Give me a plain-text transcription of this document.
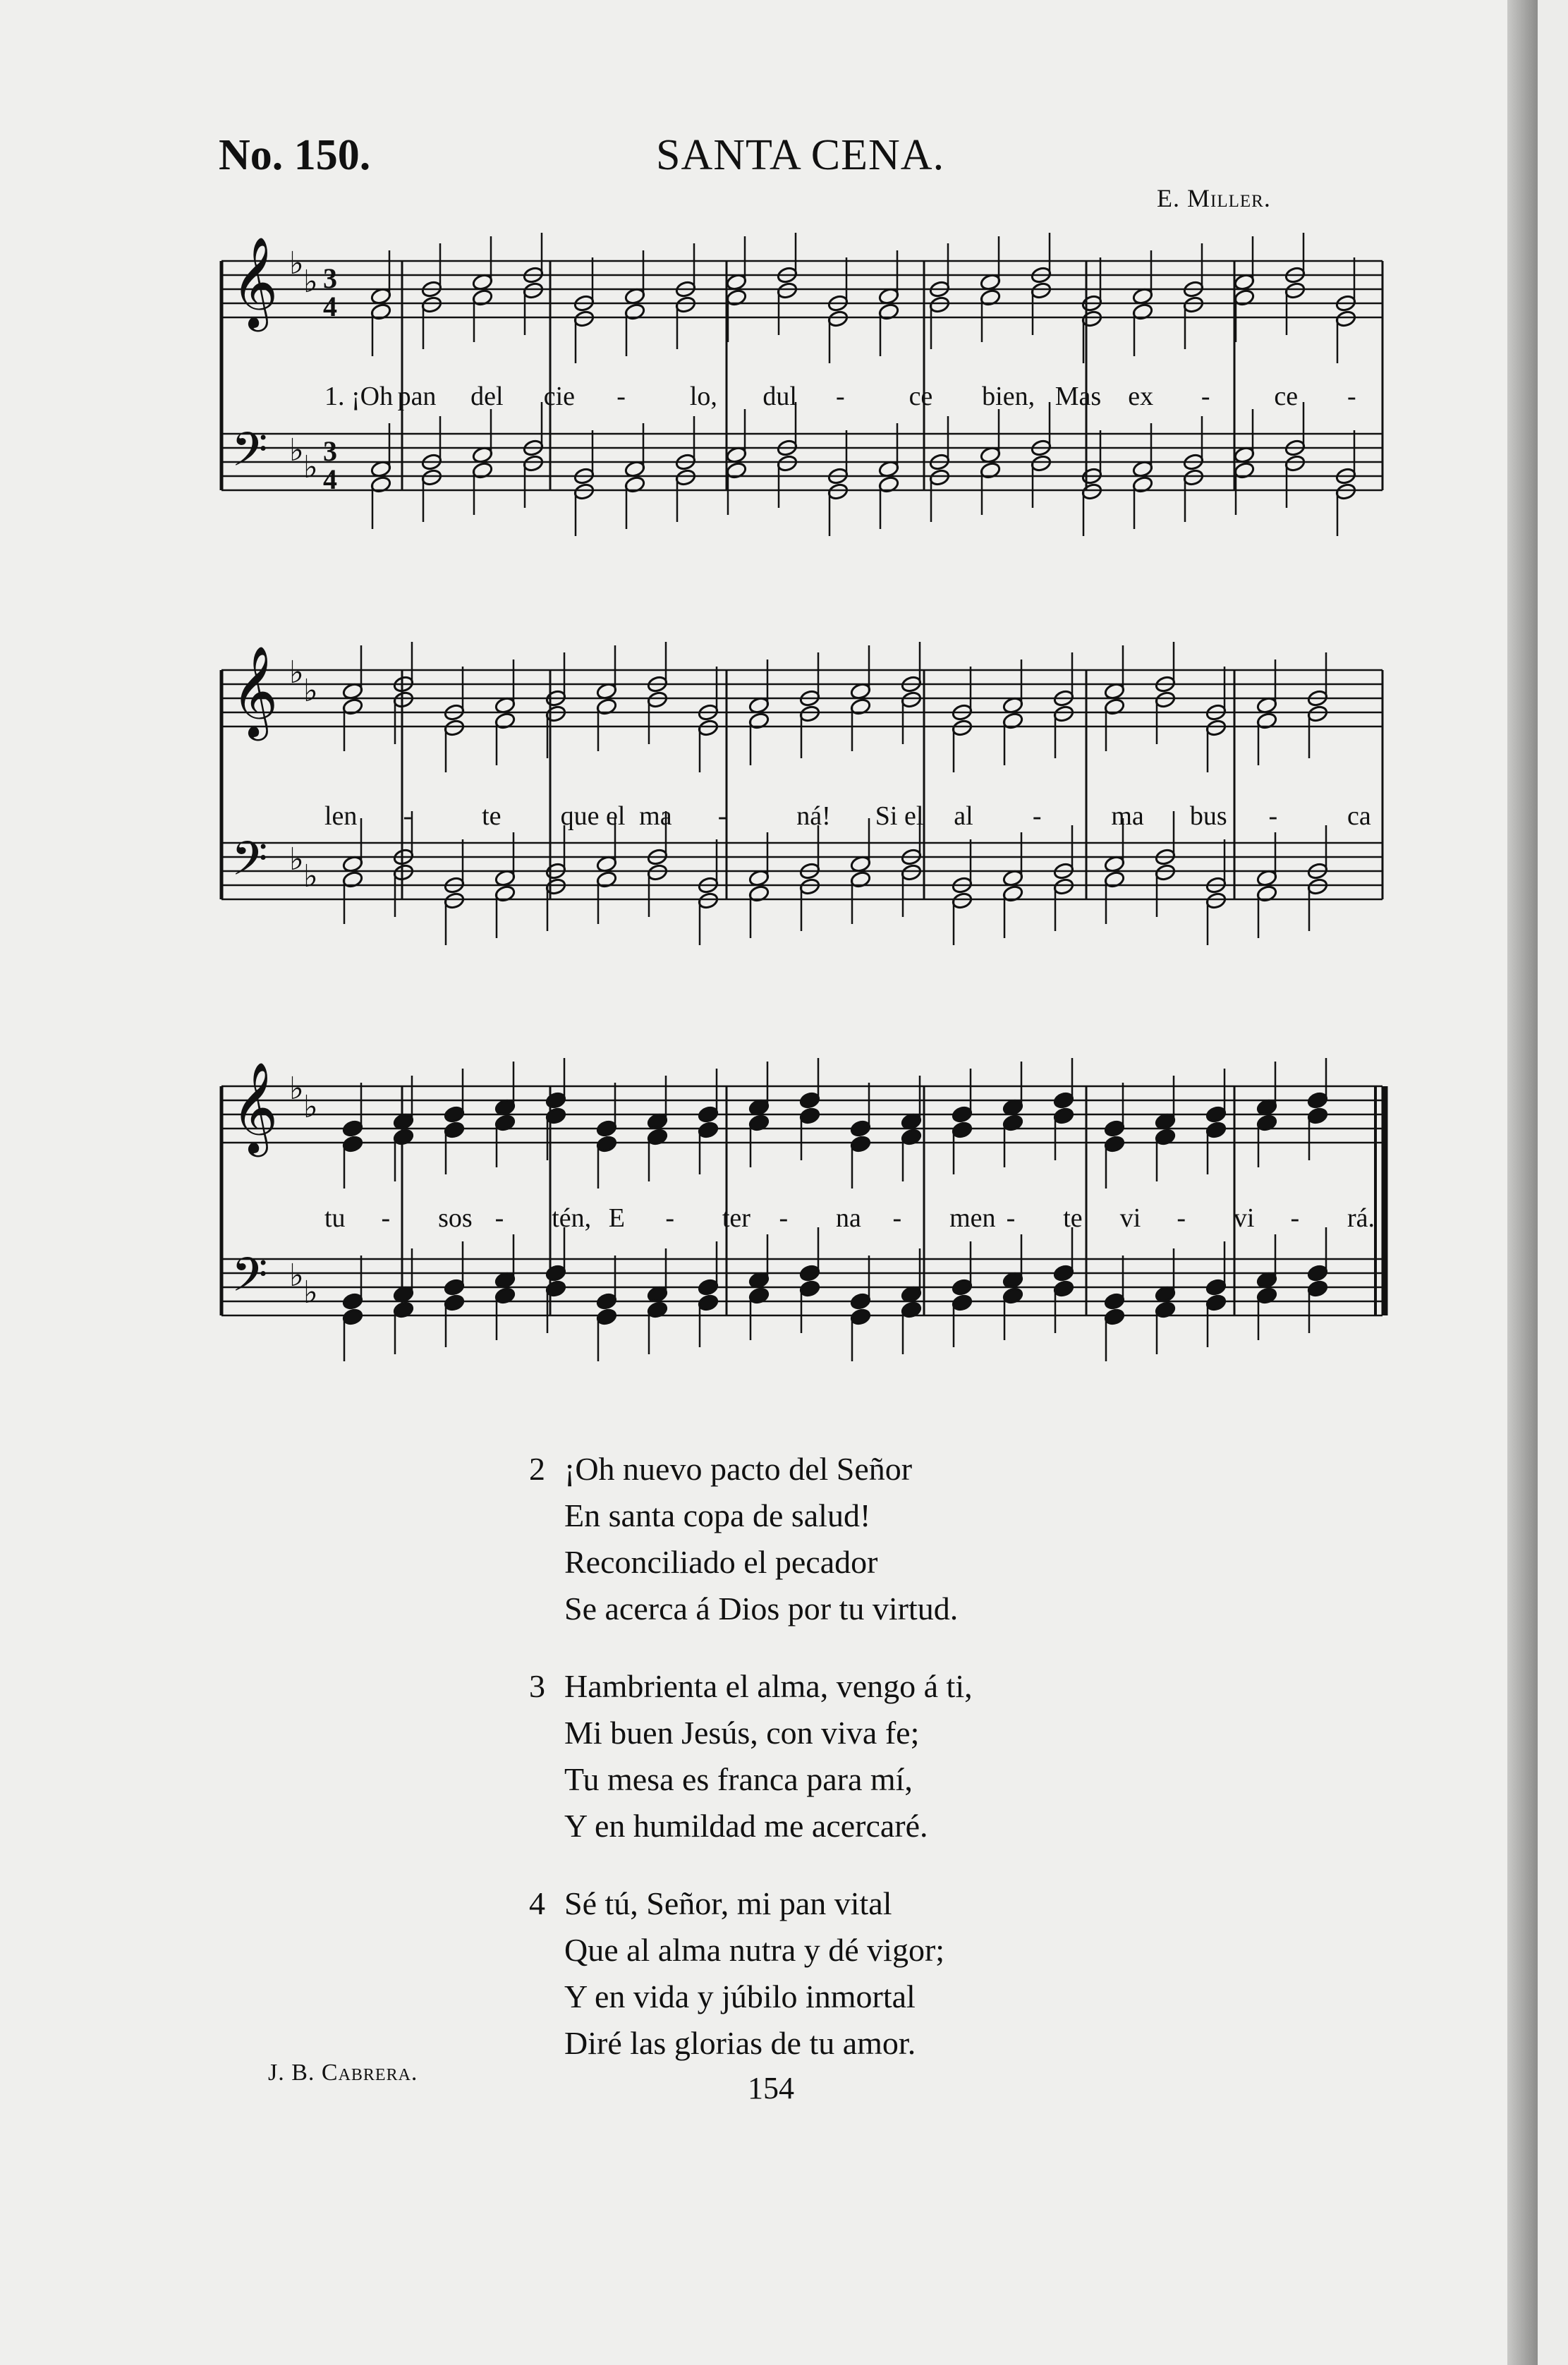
No. 150.	SANTA CENA.
E. Miller.
𝄞 ♭
♭ 3
4
𝄢 ♭ ♭ 3
4
1. ¡Oh pan del cie - lo, dul - ce bien, Mas ex - ce -
𝄞 ♭
♭
𝄢 ♭ ♭
len -	te que el ma -	ná! Si el al -	ma bus -	ca
𝄞 ♭
♭
𝄢 ♭ ♭
tu - sos - tén, E - ter - na - men - te vi - vi - rá.
2 ¡Oh nuevo pacto del Señor
En santa copa de salud!
Reconciliado el pecador
Se acerca á Dios por tu virtud.
3 Hambrienta el alma, vengo á ti,
Mi buen Jesús, con viva fe;
Tu mesa es franca para mí,
Y en humildad me acercaré.
4 Sé tú, Señor, mi pan vital
Que al alma nutra y dé vigor;
Y en vida y júbilo inmortal
Diré las glorias de tu amor.
J. B. Cabrera.	154
